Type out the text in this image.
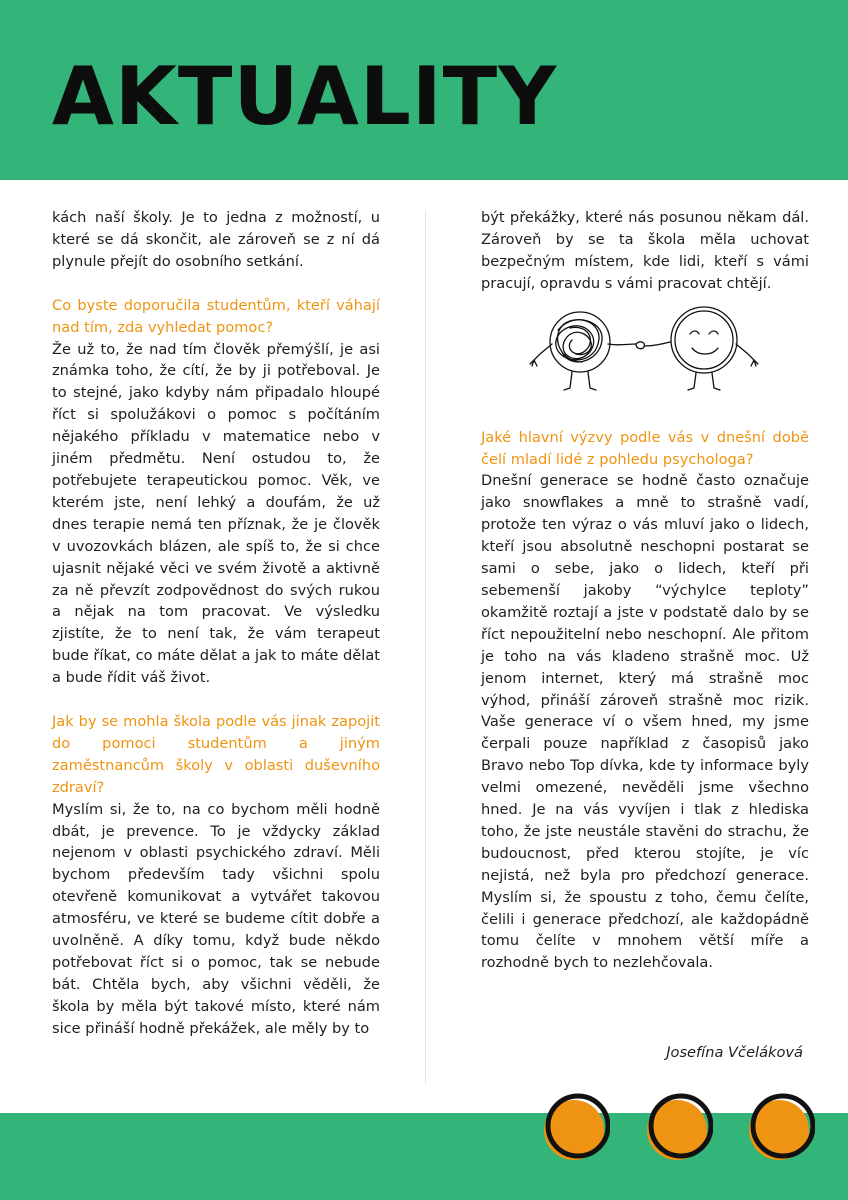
AKTUALITY

kách naší školy. Je to jedna z možností, u které se dá skončit, ale zároveň se z ní dá plynule přejít do osobního setkání.

Co byste doporučila studentům, kteří váhají nad tím, zda vyhledat pomoc?

Že už to, že nad tím člověk přemýšlí, je asi známka toho, že cítí, že by ji potřeboval. Je to stejné, jako kdyby nám připadalo hloupé říct si spolužákovi o pomoc s počítáním nějakého příkladu v matematice nebo v jiném předmětu. Není ostudou to, že potřebujete terapeutickou pomoc. Věk, ve kterém jste, není lehký a doufám, že už dnes terapie nemá ten příznak, že je člověk v uvozovkách blázen, ale spíš to, že si chce ujasnit nějaké věci ve svém životě a aktivně za ně převzít zodpovědnost do svých rukou a nějak na tom pracovat. Ve výsledku zjistíte, že to není tak, že vám terapeut bude říkat, co máte dělat a jak to máte dělat a bude řídit váš život.

Jak by se mohla škola podle vás jinak zapojit do pomoci studentům a jiným zaměstnancům školy v oblasti duševního zdraví?

Myslím si, že to, na co bychom měli hodně dbát, je prevence. To je vždycky základ nejenom v oblasti psychického zdraví. Měli bychom především tady všichni spolu otevřeně komunikovat a vytvářet takovou atmosféru, ve které se budeme cítit dobře a uvolněně. A díky tomu, když bude někdo potřebovat říct si o pomoc, tak se nebude bát. Chtěla bych, aby všichni věděli, že škola by měla být takové místo, které nám sice přináší hodně překážek, ale měly by to

být překážky, které nás posunou někam dál. Zároveň by se ta škola měla uchovat bezpečným místem, kde lidi, kteří s vámi pracují, opravdu s vámi pracovat chtějí.

Jaké hlavní výzvy podle vás v dnešní době čelí mladí lidé z pohledu psychologa?

Dnešní generace se hodně často označuje jako snowflakes a mně to strašně vadí, protože ten výraz o vás mluví jako o lidech, kteří jsou absolutně neschopni postarat se sami o sebe, jako o lidech, kteří při sebemenší jakoby “výchylce teploty” okamžitě roztají a jste v podstatě dalo by se říct nepoužitelní nebo neschopní. Ale přitom je toho na vás kladeno strašně moc. Už jenom internet, který má strašně moc výhod, přináší zároveň strašně moc rizik. Vaše generace ví o všem hned, my jsme čerpali pouze například z časopisů jako Bravo nebo Top dívka, kde ty informace byly velmi omezené, nevěděli jsme všechno hned. Je na vás vyvíjen i tlak z hlediska toho, že jste neustále stavěni do strachu, že budoucnost, před kterou stojíte, je víc nejistá, než byla pro předchozí generace. Myslím si, že spoustu z toho, čemu čelíte, čelili i generace předchozí, ale každopádně tomu čelíte v mnohem větší míře a rozhodně bych to nezlehčovala.

Josefína Včeláková
